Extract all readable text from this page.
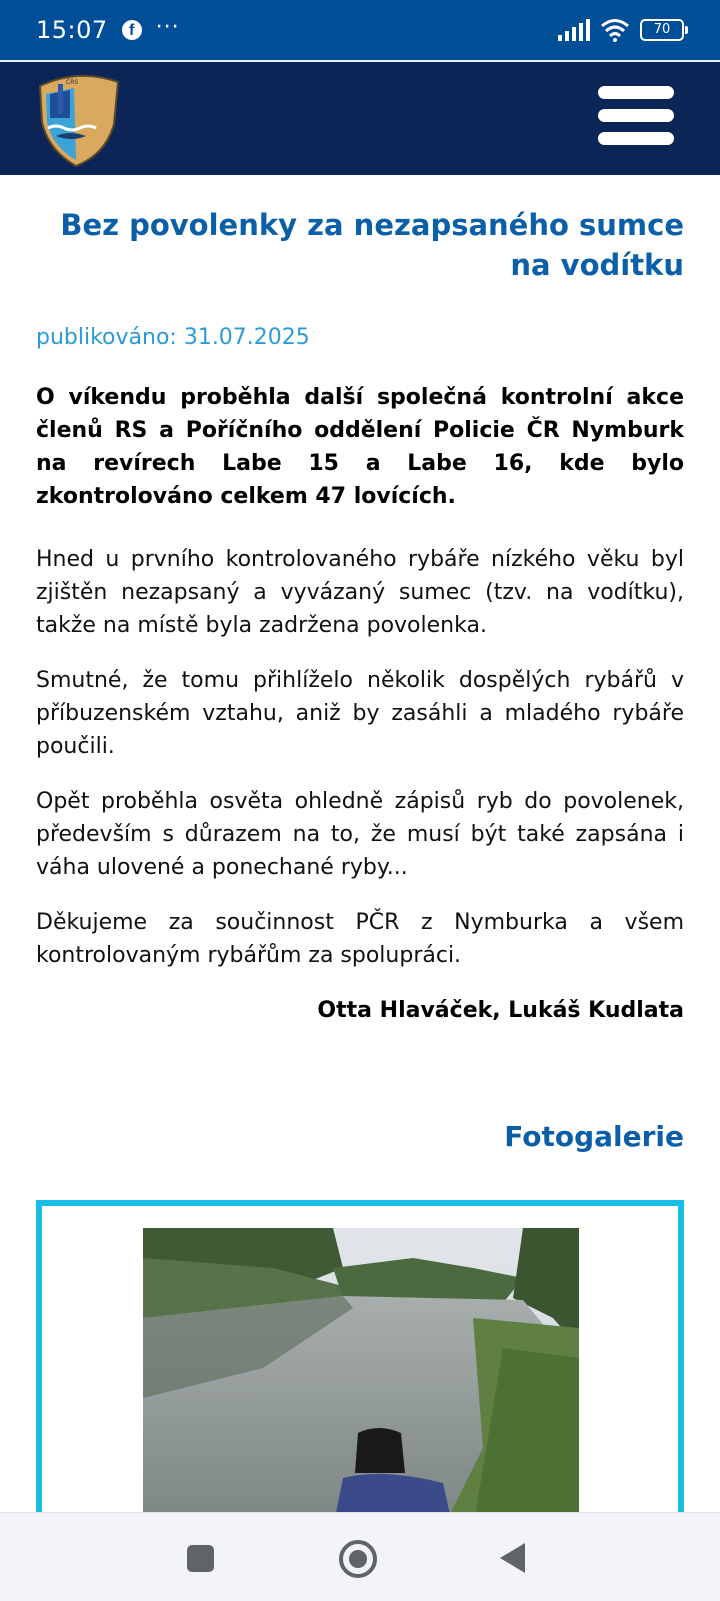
15:07	f ···	70
ČRS
Bez povolenky za nezapsaného sumce na vodítku
publikováno: 31.07.2025
O víkendu proběhla další společná kontrolní akce členů RS a Poříčního oddělení Policie ČR Nymburk na revírech Labe 15 a Labe 16, kde bylo zkontrolováno celkem 47 lovících.

Hned u prvního kontrolovaného rybáře nízkého věku byl zjištěn nezapsaný a vyvázaný sumec (tzv. na vodítku), takže na místě byla zadržena povolenka.

Smutné, že tomu přihlíželo několik dospělých rybářů v příbuzenském vztahu, aniž by zasáhli a mladého rybáře poučili.

Opět proběhla osvěta ohledně zápisů ryb do povolenek, především s důrazem na to, že musí být také zapsána i váha ulovené a ponechané ryby...

Děkujeme za součinnost PČR z Nymburka a všem kontrolovaným rybářům za spolupráci.

Otta Hlaváček, Lukáš Kudlata
Fotogalerie
